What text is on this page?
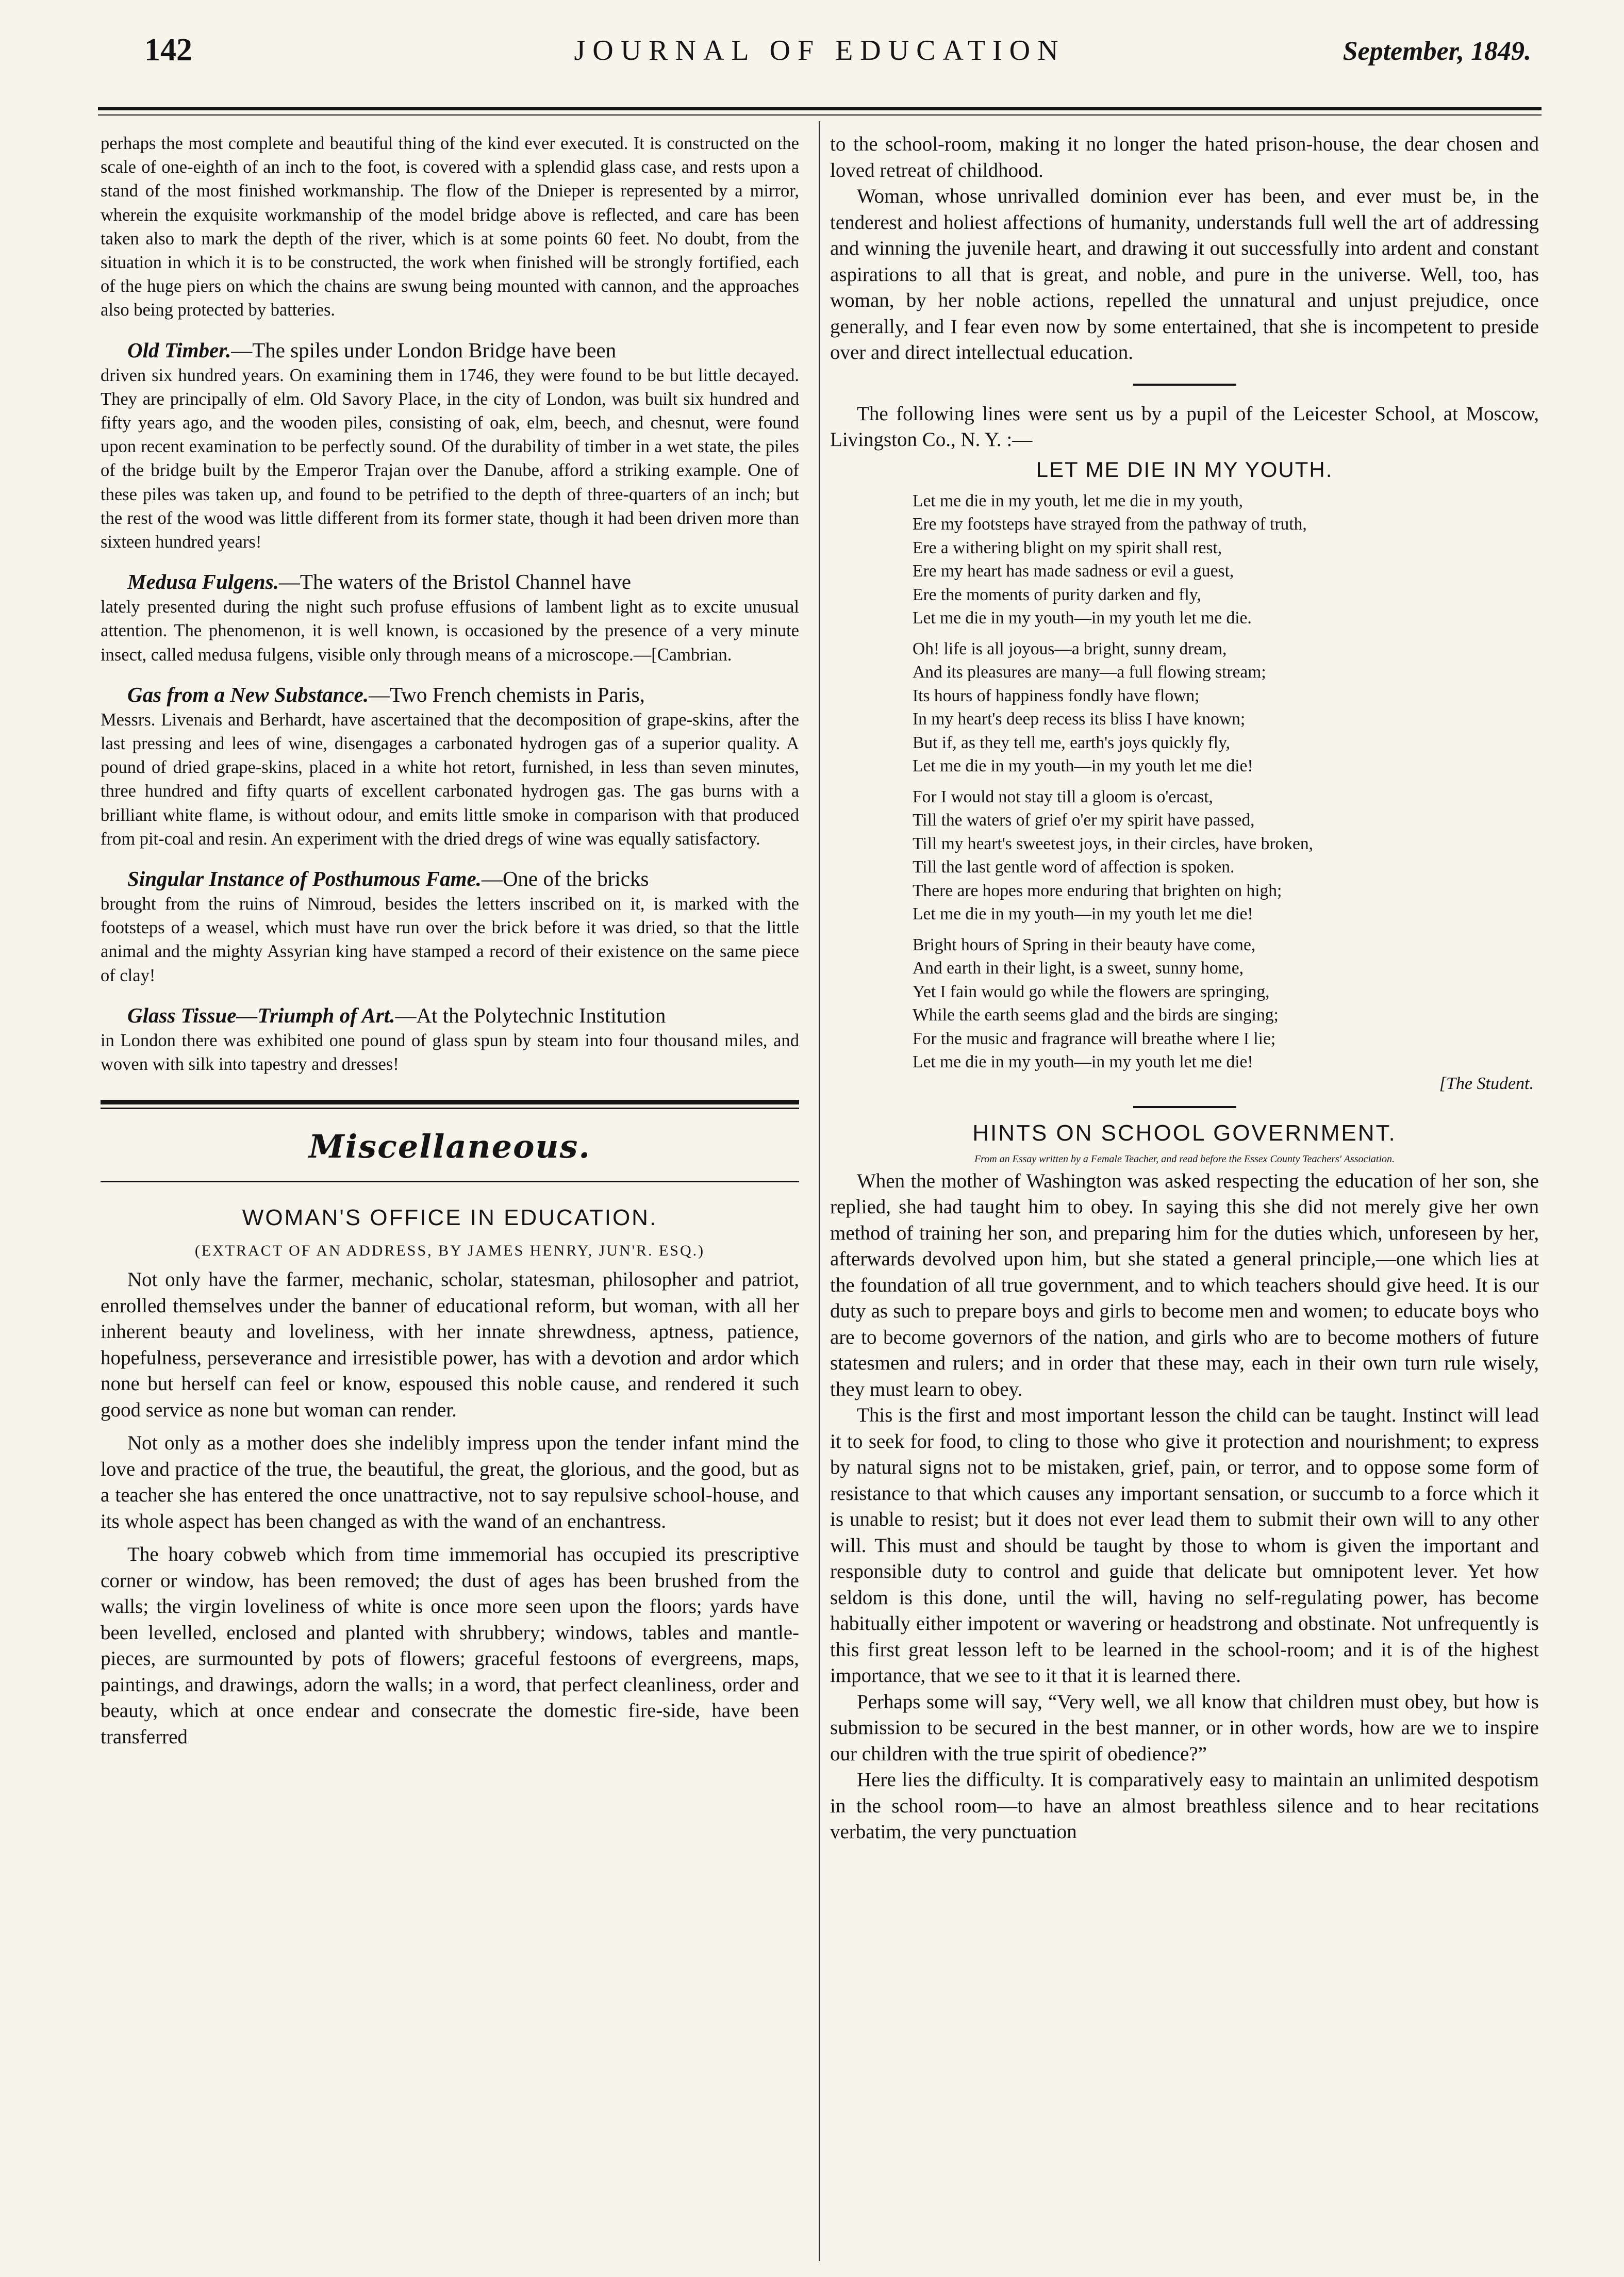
142	JOURNAL OF EDUCATION	September, 1849.

perhaps the most complete and beautiful thing of the kind ever executed. It is constructed on the scale of one-eighth of an inch to the foot, is covered with a splendid glass case, and rests upon a stand of the most finished workmanship. The flow of the Dnieper is represented by a mirror, wherein the exquisite workmanship of the model bridge above is reflected, and care has been taken also to mark the depth of the river, which is at some points 60 feet. No doubt, from the situation in which it is to be constructed, the work when finished will be strongly fortified, each of the huge piers on which the chains are swung being mounted with cannon, and the approaches also being protected by batteries.

Old Timber.—The spiles under London Bridge have been

driven six hundred years. On examining them in 1746, they were found to be but little decayed. They are principally of elm. Old Savory Place, in the city of London, was built six hundred and fifty years ago, and the wooden piles, consisting of oak, elm, beech, and chesnut, were found upon recent examination to be perfectly sound. Of the durability of timber in a wet state, the piles of the bridge built by the Emperor Trajan over the Danube, afford a striking example. One of these piles was taken up, and found to be petrified to the depth of three-quarters of an inch; but the rest of the wood was little different from its former state, though it had been driven more than sixteen hundred years!

Medusa Fulgens.—The waters of the Bristol Channel have

lately presented during the night such profuse effusions of lambent light as to excite unusual attention. The phenomenon, it is well known, is occasioned by the presence of a very minute insect, called medusa fulgens, visible only through means of a microscope.—[Cambrian.

Gas from a New Substance.—Two French chemists in Paris,

Messrs. Livenais and Berhardt, have ascertained that the decomposition of grape-skins, after the last pressing and lees of wine, disengages a carbonated hydrogen gas of a superior quality. A pound of dried grape-skins, placed in a white hot retort, furnished, in less than seven minutes, three hundred and fifty quarts of excellent carbonated hydrogen gas. The gas burns with a brilliant white flame, is without odour, and emits little smoke in comparison with that produced from pit-coal and resin. An experiment with the dried dregs of wine was equally satisfactory.

Singular Instance of Posthumous Fame.—One of the bricks

brought from the ruins of Nimroud, besides the letters inscribed on it, is marked with the footsteps of a weasel, which must have run over the brick before it was dried, so that the little animal and the mighty Assyrian king have stamped a record of their existence on the same piece of clay!

Glass Tissue—Triumph of Art.—At the Polytechnic Institution

in London there was exhibited one pound of glass spun by steam into four thousand miles, and woven with silk into tapestry and dresses!

Miscellaneous.
WOMAN'S OFFICE IN EDUCATION.
(EXTRACT OF AN ADDRESS, BY JAMES HENRY, JUN'R. ESQ.)

Not only have the farmer, mechanic, scholar, statesman, philosopher and patriot, enrolled themselves under the banner of educational reform, but woman, with all her inherent beauty and loveliness, with her innate shrewdness, aptness, patience, hopefulness, perseverance and irresistible power, has with a devotion and ardor which none but herself can feel or know, espoused this noble cause, and rendered it such good service as none but woman can render.

Not only as a mother does she indelibly impress upon the tender infant mind the love and practice of the true, the beautiful, the great, the glorious, and the good, but as a teacher she has entered the once unattractive, not to say repulsive school-house, and its whole aspect has been changed as with the wand of an enchantress.

The hoary cobweb which from time immemorial has occupied its prescriptive corner or window, has been removed; the dust of ages has been brushed from the walls; the virgin loveliness of white is once more seen upon the floors; yards have been levelled, enclosed and planted with shrubbery; windows, tables and mantle-pieces, are surmounted by pots of flowers; graceful festoons of evergreens, maps, paintings, and drawings, adorn the walls; in a word, that perfect cleanliness, order and beauty, which at once endear and consecrate the domestic fire-side, have been transferred

to the school-room, making it no longer the hated prison-house, the dear chosen and loved retreat of childhood.

Woman, whose unrivalled dominion ever has been, and ever must be, in the tenderest and holiest affections of humanity, understands full well the art of addressing and winning the juvenile heart, and drawing it out successfully into ardent and constant aspirations to all that is great, and noble, and pure in the universe. Well, too, has woman, by her noble actions, repelled the unnatural and unjust prejudice, once generally, and I fear even now by some entertained, that she is incompetent to preside over and direct intellectual education.

The following lines were sent us by a pupil of the Leicester School, at Moscow, Livingston Co., N. Y. :—

LET ME DIE IN MY YOUTH.
Let me die in my youth, let me die in my youth,
Ere my footsteps have strayed from the pathway of truth,
Ere a withering blight on my spirit shall rest,
Ere my heart has made sadness or evil a guest,
Ere the moments of purity darken and fly,
Let me die in my youth—in my youth let me die.
Oh! life is all joyous—a bright, sunny dream,
And its pleasures are many—a full flowing stream;
Its hours of happiness fondly have flown;
In my heart's deep recess its bliss I have known;
But if, as they tell me, earth's joys quickly fly,
Let me die in my youth—in my youth let me die!
For I would not stay till a gloom is o'ercast,
Till the waters of grief o'er my spirit have passed,
Till my heart's sweetest joys, in their circles, have broken,
Till the last gentle word of affection is spoken.
There are hopes more enduring that brighten on high;
Let me die in my youth—in my youth let me die!
Bright hours of Spring in their beauty have come,
And earth in their light, is a sweet, sunny home,
Yet I fain would go while the flowers are springing,
While the earth seems glad and the birds are singing;
For the music and fragrance will breathe where I lie;
Let me die in my youth—in my youth let me die!
[The Student.
HINTS ON SCHOOL GOVERNMENT.
From an Essay written by a Female Teacher, and read before the Essex County Teachers' Association.

When the mother of Washington was asked respecting the education of her son, she replied, she had taught him to obey. In saying this she did not merely give her own method of training her son, and preparing him for the duties which, unforeseen by her, afterwards devolved upon him, but she stated a general principle,—one which lies at the foundation of all true government, and to which teachers should give heed. It is our duty as such to prepare boys and girls to become men and women; to educate boys who are to become governors of the nation, and girls who are to become mothers of future statesmen and rulers; and in order that these may, each in their own turn rule wisely, they must learn to obey.

This is the first and most important lesson the child can be taught. Instinct will lead it to seek for food, to cling to those who give it protection and nourishment; to express by natural signs not to be mistaken, grief, pain, or terror, and to oppose some form of resistance to that which causes any important sensation, or succumb to a force which it is unable to resist; but it does not ever lead them to submit their own will to any other will. This must and should be taught by those to whom is given the important and responsible duty to control and guide that delicate but omnipotent lever. Yet how seldom is this done, until the will, having no self-regulating power, has become habitually either impotent or wavering or headstrong and obstinate. Not unfrequently is this first great lesson left to be learned in the school-room; and it is of the highest importance, that we see to it that it is learned there.

Perhaps some will say, “Very well, we all know that children must obey, but how is submission to be secured in the best manner, or in other words, how are we to inspire our children with the true spirit of obedience?”

Here lies the difficulty. It is comparatively easy to maintain an unlimited despotism in the school room—to have an almost breathless silence and to hear recitations verbatim, the very punctuation
